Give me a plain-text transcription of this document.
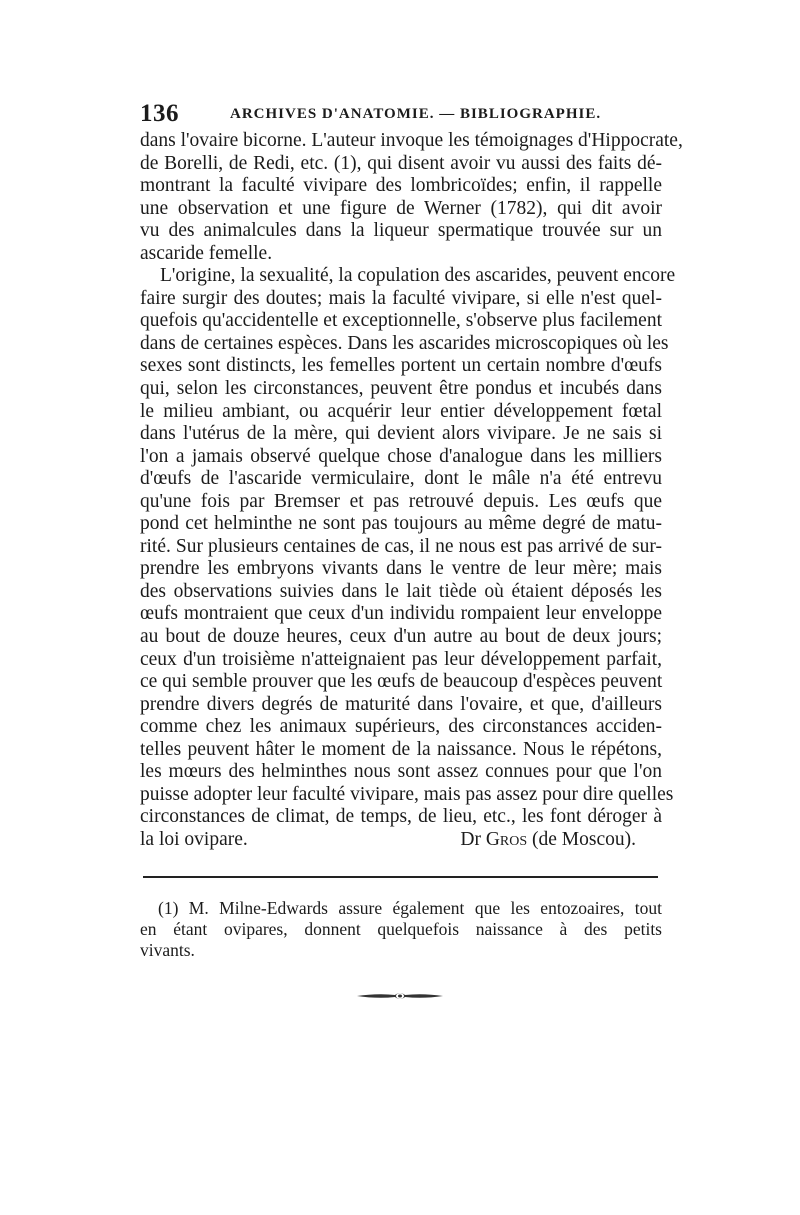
136	ARCHIVES D'ANATOMIE. — BIBLIOGRAPHIE.
dans l'ovaire bicorne. L'auteur invoque les témoignages d'Hippocrate,
de Borelli, de Redi, etc. (1), qui disent avoir vu aussi des faits dé-
montrant la faculté vivipare des lombricoïdes; enfin, il rappelle
une observation et une figure de Werner (1782), qui dit avoir
vu des animalcules dans la liqueur spermatique trouvée sur un
ascaride femelle.
L'origine, la sexualité, la copulation des ascarides, peuvent encore
faire surgir des doutes; mais la faculté vivipare, si elle n'est quel-
quefois qu'accidentelle et exceptionnelle, s'observe plus facilement
dans de certaines espèces. Dans les ascarides microscopiques où les
sexes sont distincts, les femelles portent un certain nombre d'œufs
qui, selon les circonstances, peuvent être pondus et incubés dans
le milieu ambiant, ou acquérir leur entier développement fœtal
dans l'utérus de la mère, qui devient alors vivipare. Je ne sais si
l'on a jamais observé quelque chose d'analogue dans les milliers
d'œufs de l'ascaride vermiculaire, dont le mâle n'a été entrevu
qu'une fois par Bremser et pas retrouvé depuis. Les œufs que
pond cet helminthe ne sont pas toujours au même degré de matu-
rité. Sur plusieurs centaines de cas, il ne nous est pas arrivé de sur-
prendre les embryons vivants dans le ventre de leur mère; mais
des observations suivies dans le lait tiède où étaient déposés les
œufs montraient que ceux d'un individu rompaient leur enveloppe
au bout de douze heures, ceux d'un autre au bout de deux jours;
ceux d'un troisième n'atteignaient pas leur développement parfait,
ce qui semble prouver que les œufs de beaucoup d'espèces peuvent
prendre divers degrés de maturité dans l'ovaire, et que, d'ailleurs
comme chez les animaux supérieurs, des circonstances acciden-
telles peuvent hâter le moment de la naissance. Nous le répétons,
les mœurs des helminthes nous sont assez connues pour que l'on
puisse adopter leur faculté vivipare, mais pas assez pour dire quelles
circonstances de climat, de temps, de lieu, etc., les font déroger à
la loi ovipare.	Dr Gros (de Moscou).
(1) M. Milne-Edwards assure également que les entozoaires, tout
en étant ovipares, donnent quelquefois naissance à des petits
vivants.
